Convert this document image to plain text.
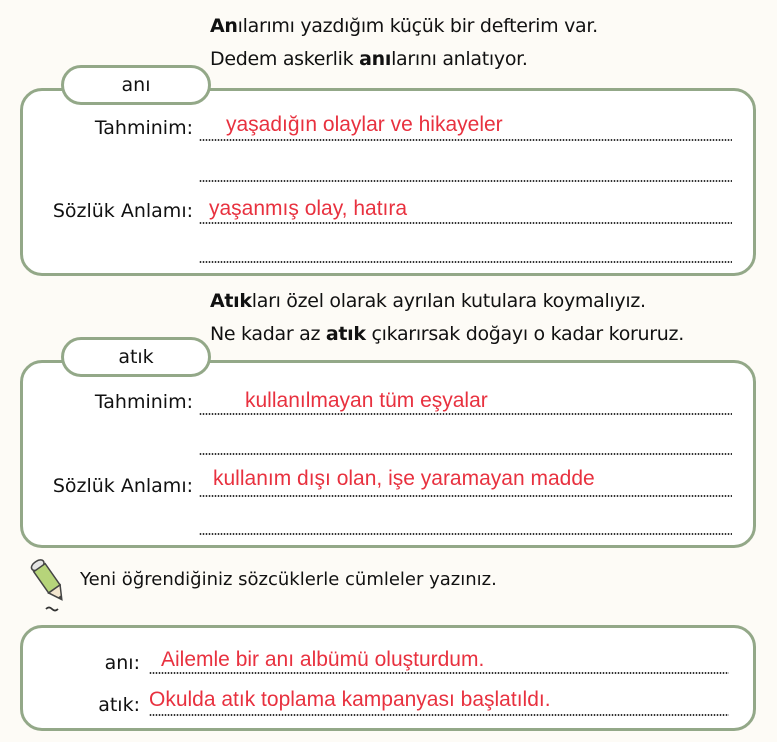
Anılarımı yazdığım küçük bir defterim var.
Dedem askerlik anılarını anlatıyor.
anı
Tahminim: yaşadığın olaylar ve hikayeler
Sözlük Anlamı: yaşanmış olay, hatıra
Atıkları özel olarak ayrılan kutulara koymalıyız.
Ne kadar az atık çıkarırsak doğayı o kadar koruruz.
atık
Tahminim: kullanılmayan tüm eşyalar
Sözlük Anlamı: kullanım dışı olan, işe yaramayan madde
Yeni öğrendiğiniz sözcüklerle cümleler yazınız.
anı: Ailemle bir anı albümü oluşturdum.
atık: Okulda atık toplama kampanyası başlatıldı.
